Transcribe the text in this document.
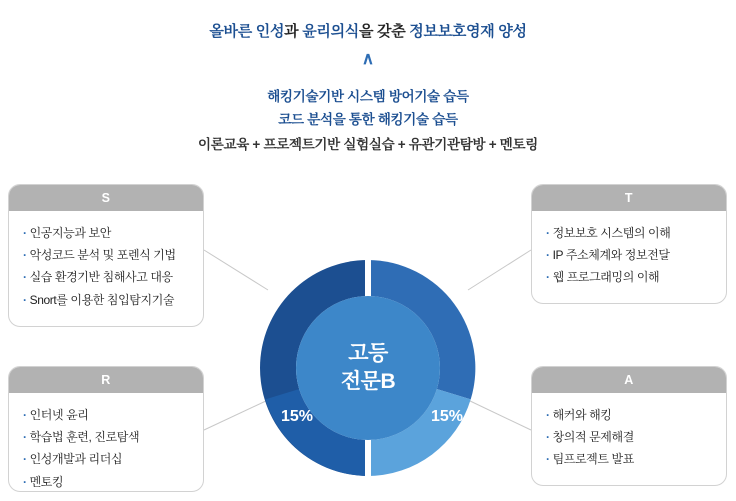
올바른 인성과 윤리의식을 갖춘 정보보호영재 양성
∧
해킹기술기반 시스템 방어기술 습득
코드 분석을 통한 해킹기술 습득
이론교육 + 프로젝트기반 실험실습 + 유관기관탐방 + 멘토링
고등
전문B
50%	20%
15%
15%
S
· 인공지능과 보안
· 악성코드 분석 및 포렌식 기법
· 실습 환경기반 침해사고 대응
· Snort를 이용한 침입탐지기술
T
· 정보보호 시스템의 이해
· IP 주소체계와 정보전달
· 웹 프로그래밍의 이해
R
· 인터넷 윤리
· 학습법 훈련, 진로탐색
· 인성개발과 리더십
· 멘토킹
A
· 해커와 해킹
· 창의적 문제해결
· 팀프로젝트 발표
